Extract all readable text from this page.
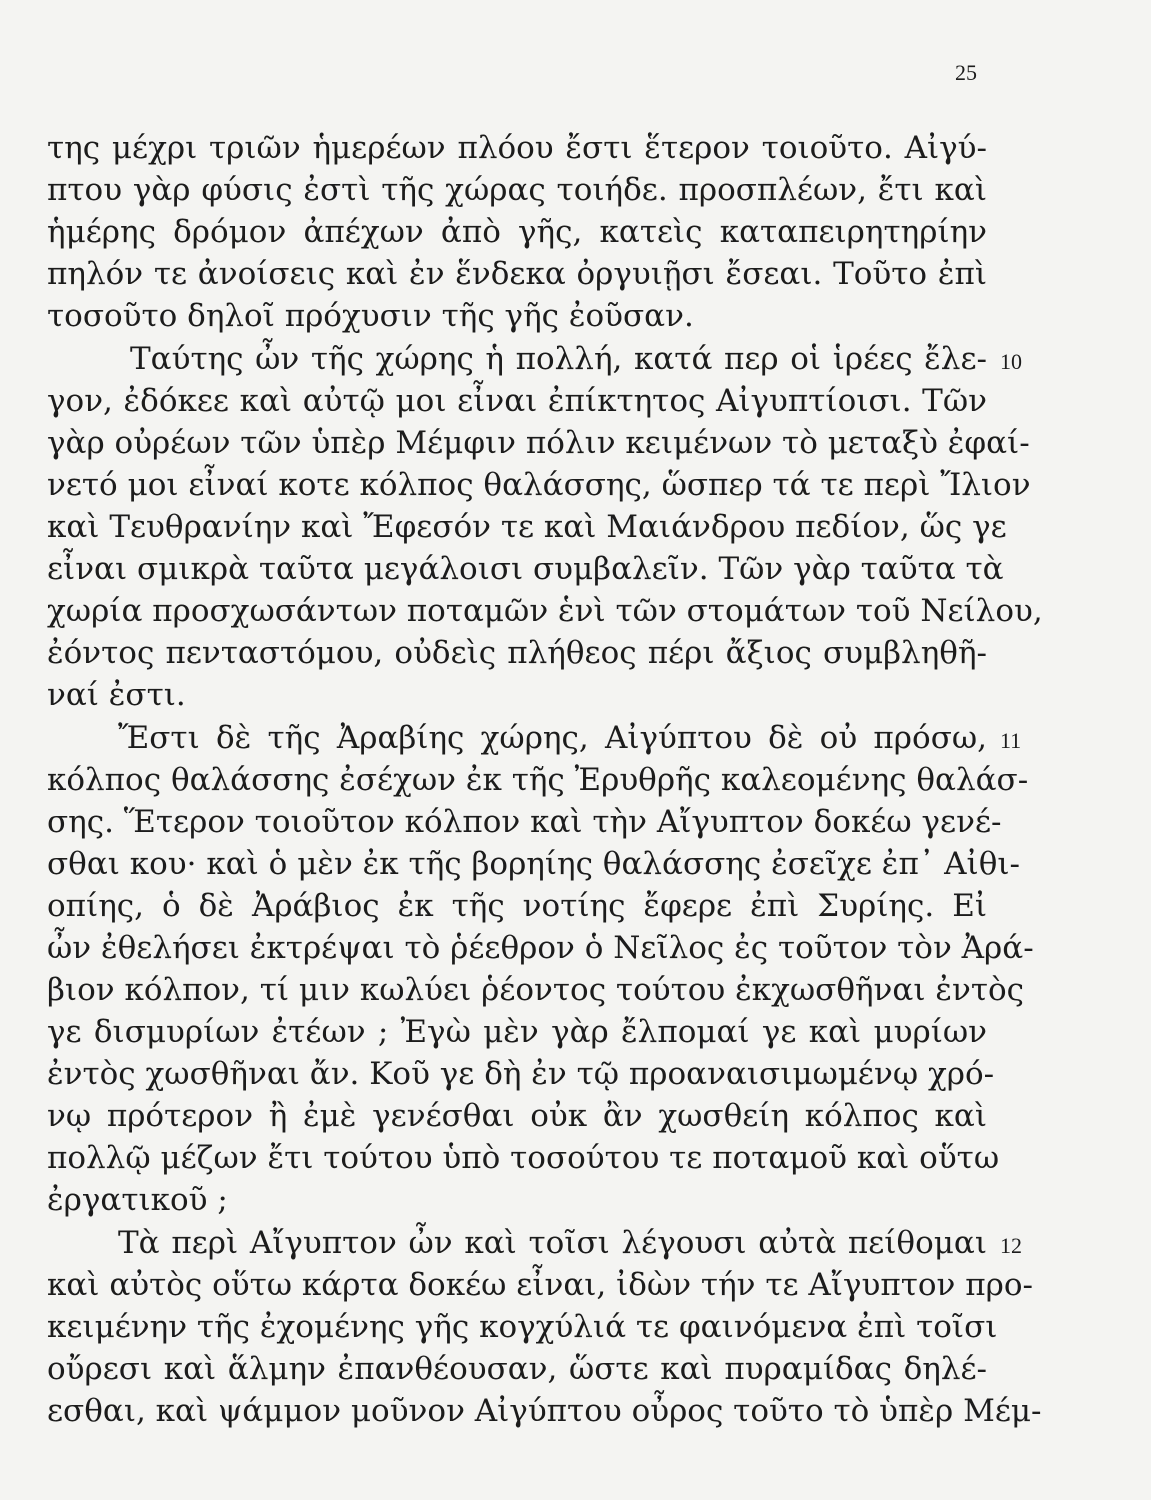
25
της μέχρι τριῶν ἡμερέων πλόου ἔστι ἕτερον τοιοῦτο. Αἰγύ-
πτου γὰρ φύσις ἐστὶ τῆς χώρας τοιήδε. προσπλέων, ἔτι καὶ
ἡμέρης δρόμον ἀπέχων ἀπὸ γῆς, κατεὶς καταπειρητηρίην
πηλόν τε ἀνοίσεις καὶ ἐν ἕνδεκα ὀργυιῇσι ἔσεαι. Τοῦτο ἐπὶ
τοσοῦτο δηλοῖ πρόχυσιν τῆς γῆς ἐοῦσαν.
Ταύτης ὦν τῆς χώρης ἡ πολλή, κατά περ οἱ ἱρέες ἔλε-
γον, ἐδόκεε καὶ αὐτῷ μοι εἶναι ἐπίκτητος Αἰγυπτίοισι. Τῶν
γὰρ οὐρέων τῶν ὑπὲρ Μέμφιν πόλιν κειμένων τὸ μεταξὺ ἐφαί-
νετό μοι εἶναί κοτε κόλπος θαλάσσης, ὥσπερ τά τε περὶ Ἴλιον
καὶ Τευθρανίην καὶ Ἔφεσόν τε καὶ Μαιάνδρου πεδίον, ὥς γε
εἶναι σμικρὰ ταῦτα μεγάλοισι συμβαλεῖν. Τῶν γὰρ ταῦτα τὰ
χωρία προσχωσάντων ποταμῶν ἑνὶ τῶν στομάτων τοῦ Νείλου,
ἐόντος πενταστόμου, οὐδεὶς πλήθεος πέρι ἄξιος συμβληθῆ-
ναί ἐστι.
Ἔστι δὲ τῆς Ἀραβίης χώρης, Αἰγύπτου δὲ οὐ πρόσω,
κόλπος θαλάσσης ἐσέχων ἐκ τῆς Ἐρυθρῆς καλεομένης θαλάσ-
σης. Ἕτερον τοιοῦτον κόλπον καὶ τὴν Αἴγυπτον δοκέω γενέ-
σθαι κου· καὶ ὁ μὲν ἐκ τῆς βορηίης θαλάσσης ἐσεῖχε ἐπ᾽ Αἰθι-
οπίης, ὁ δὲ Ἀράβιος ἐκ τῆς νοτίης ἔφερε ἐπὶ Συρίης. Εἰ
ὦν ἐθελήσει ἐκτρέψαι τὸ ῥέεθρον ὁ Νεῖλος ἐς τοῦτον τὸν Ἀρά-
βιον κόλπον, τί μιν κωλύει ῥέοντος τούτου ἐκχωσθῆναι ἐντὸς
γε δισμυρίων ἐτέων ; Ἐγὼ μὲν γὰρ ἔλπομαί γε καὶ μυρίων
ἐντὸς χωσθῆναι ἄν. Κοῦ γε δὴ ἐν τῷ προαναισιμωμένῳ χρό-
νῳ πρότερον ἢ ἐμὲ γενέσθαι οὐκ ἂν χωσθείη κόλπος καὶ
πολλῷ μέζων ἔτι τούτου ὑπὸ τοσούτου τε ποταμοῦ καὶ οὕτω
ἐργατικοῦ ;
Τὰ περὶ Αἴγυπτον ὦν καὶ τοῖσι λέγουσι αὐτὰ πείθομαι
καὶ αὐτὸς οὕτω κάρτα δοκέω εἶναι, ἰδὼν τήν τε Αἴγυπτον προ-
κειμένην τῆς ἐχομένης γῆς κογχύλιά τε φαινόμενα ἐπὶ τοῖσι
οὔρεσι καὶ ἅλμην ἐπανθέουσαν, ὥστε καὶ πυραμίδας δηλέ-
εσθαι, καὶ ψάμμον μοῦνον Αἰγύπτου οὖρος τοῦτο τὸ ὑπὲρ Μέμ-
10
11
12
